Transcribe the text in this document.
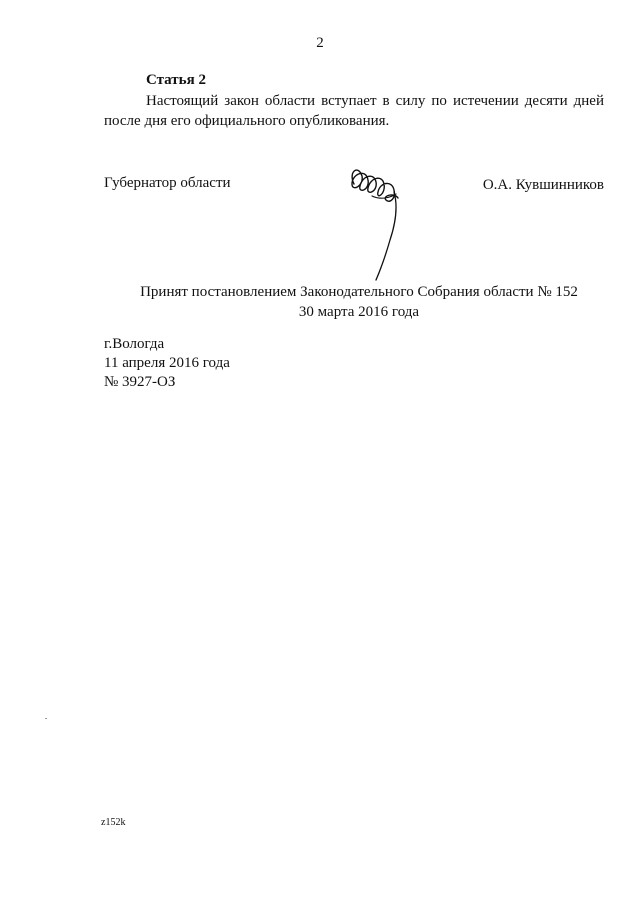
2
Статья 2

Настоящий закон области вступает в силу по истечении десяти дней после дня его официального опубликования.

Губернатор области	О.А. Кувшинников
Принят постановлением Законодательного Собрания области № 152
30 марта 2016 года
г.Вологда
11 апреля 2016 года
№ 3927-ОЗ
z152k
